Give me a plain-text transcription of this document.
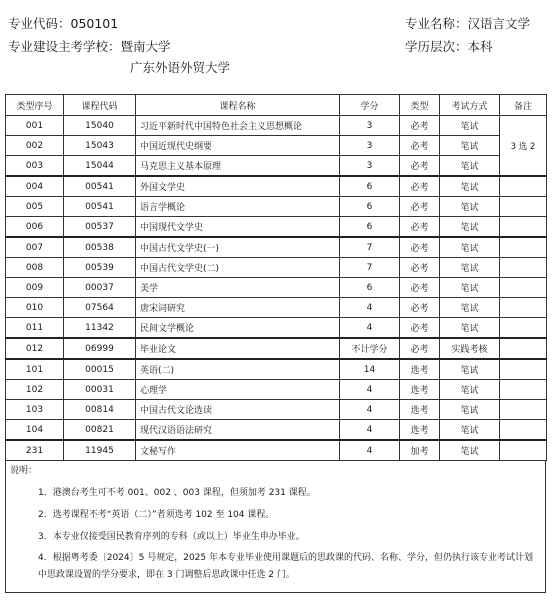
专业代码：050101
专业建设主考学校：暨南大学
广东外语外贸大学
专业名称：汉语言文学
学历层次：本科
类型序号	课程代码	课程名称	学分	类型	考试方式	备注
001	15040	习近平新时代中国特色社会主义思想概论	3	必考	笔试	3 选 2
002	15043	中国近现代史纲要	3	必考	笔试	
003	15044	马克思主义基本原理	3	必考	笔试	
004	00541	外国文学史	6	必考	笔试	
005	00541	语言学概论	6	必考	笔试	
006	00537	中国现代文学史	6	必考	笔试	
007	00538	中国古代文学史(一)	7	必考	笔试	
008	00539	中国古代文学史(二)	7	必考	笔试	
009	00037	美学	6	必考	笔试	
010	07564	唐宋词研究	4	必考	笔试	
011	11342	民间文学概论	4	必考	笔试	
012	06999	毕业论文	不计学分	必考	实践考核	
101	00015	英语(二)	14	选考	笔试	
102	00031	心理学	4	选考	笔试	
103	00814	中国古代文论选读	4	选考	笔试	
104	00821	现代汉语语法研究	4	选考	笔试	
231	11945	文秘写作	4	加考	笔试	
说明：
1．港澳台考生可不考 001、002 、003 课程，但须加考 231 课程。
2．选考课程不考“英语（二）”者须选考 102 至 104 课程。
3．本专业仅接受国民教育序列的专科（或以上）毕业生申办毕业。
4．根据粤考委〔2024〕5 号规定，2025 年本专业毕业使用课题后的思政课的代码、名称、学分，但仍执行该专业考试计划中思政课设置的学分要求，即在 3 门调整后思政课中任选 2 门。
